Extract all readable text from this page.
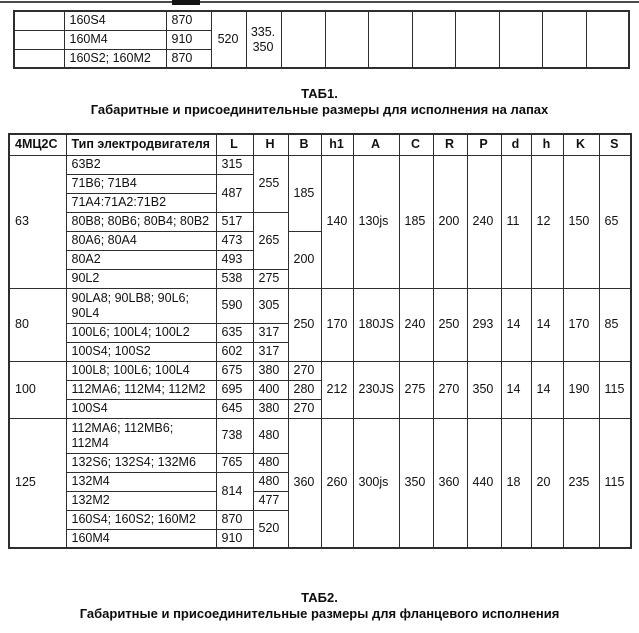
	160S4	870	520	335.
350								

	160М4	910										
	160S2; 160М2	870										
ТАБ1.
Габаритные и присоединительные размеры для исполнения на лапах
4МЦ2С	Тип электродвигателя	L	H	B	h1	A	C	R	P	d	h	K	S
63	63В2	315	255	185	140	130js	185	200	240	11	12	150	65
	71В6; 71В4	487											
	71А4:71А2:71В2												
	80В8; 80В6; 80В4; 80В2	517	265										
	80А6; 80А4	473		200									
	80А2	493											
	90L2	538	275										
80	90LA8; 90LB8; 90L6; 90L4	590	305	250	170	180JS	240	250	293	14	14	170	85
	100L6; 100L4; 100L2	635	317										
	100S4; 100S2	602	317										
100	100L8; 100L6; 100L4	675	380	270	212	230JS	275	270	350	14	14	190	115
	112МА6; 112М4; 112М2	695	400	280									
	100S4	645	380	270									
125	112МА6; 112МВ6; 112М4	738	480	360	260	300js	350	360	440	18	20	235	115
	132S6; 132S4; 132М6	765	480										
	132М4	814	480										
	132М2		477										
	160S4; 160S2; 160М2	870	520										
	160М4	910											
ТАБ2.
Габаритные и присоединительные размеры для фланцевого исполнения
